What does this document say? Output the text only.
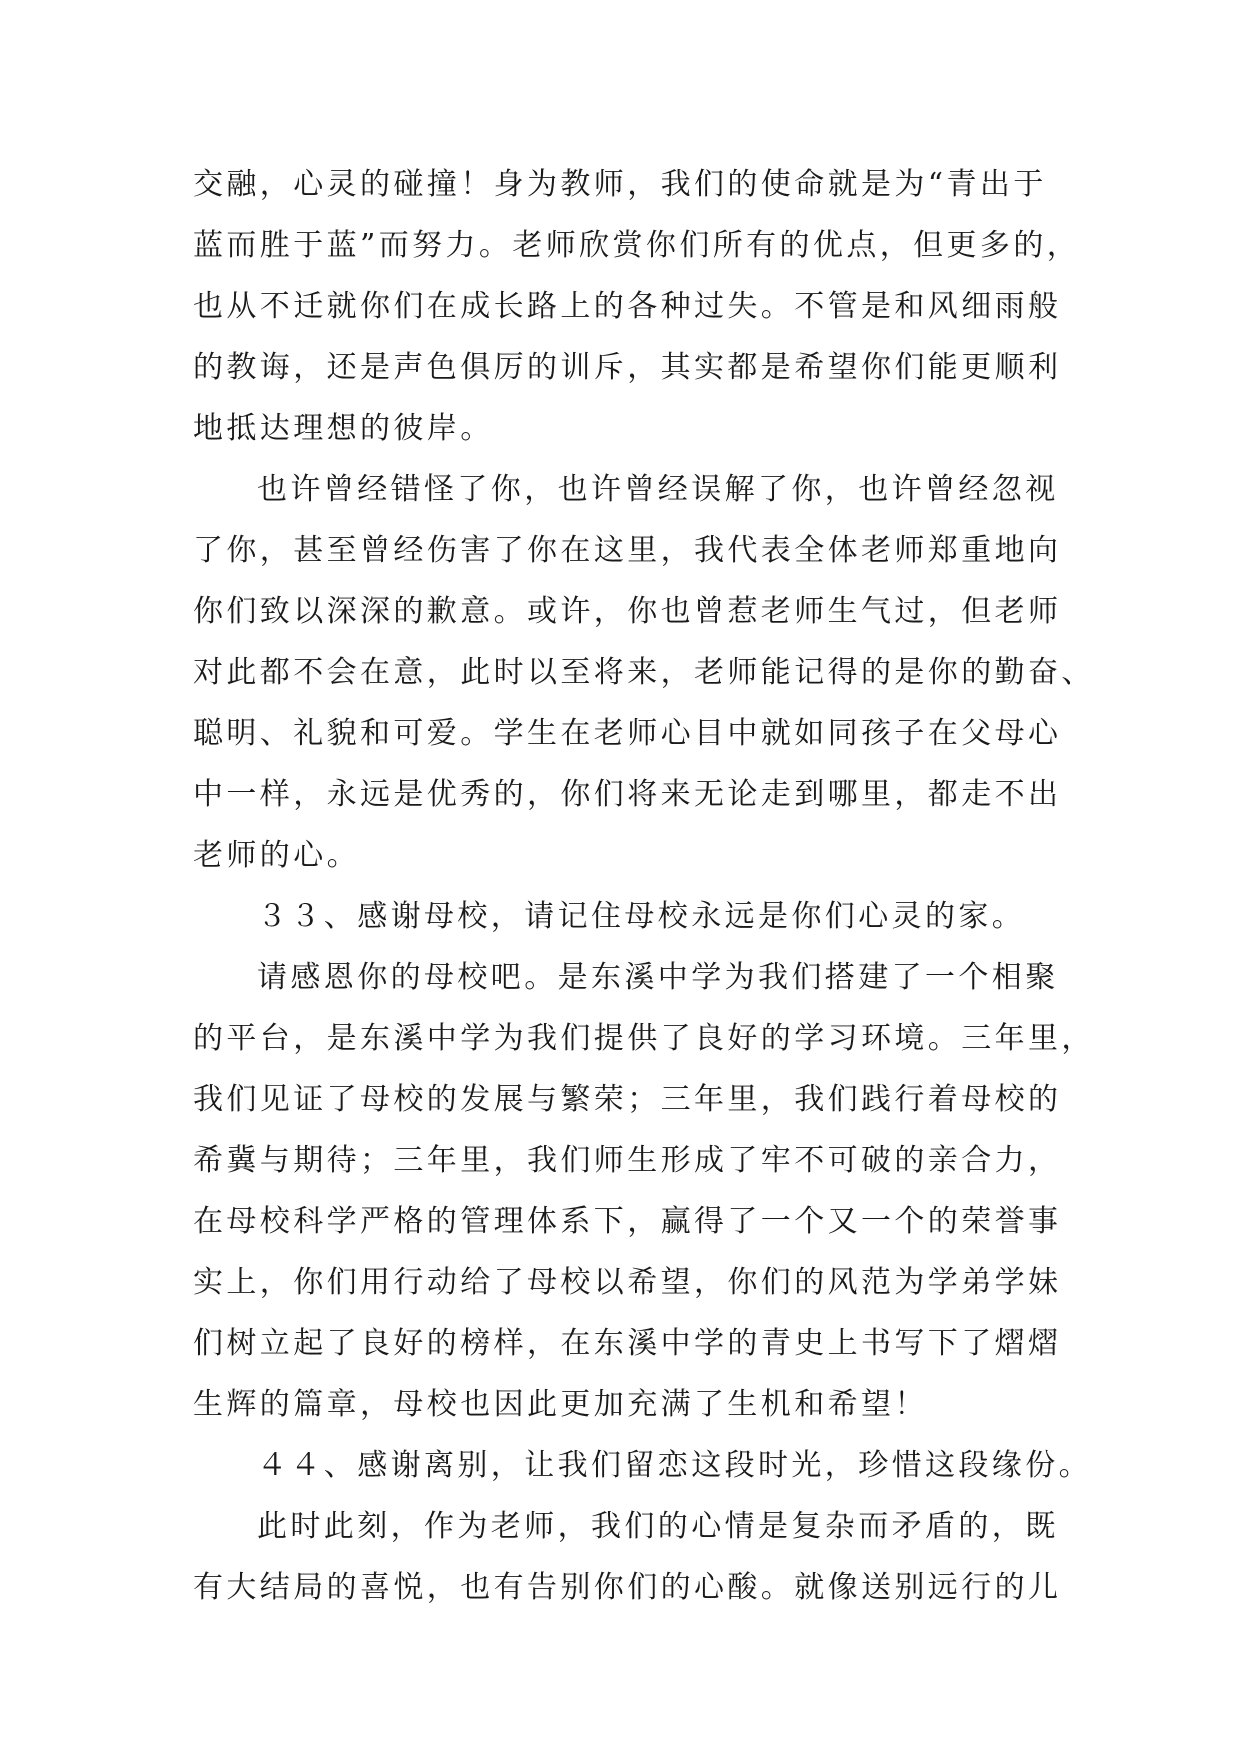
交融，心灵的碰撞！身为教师，我们的使命就是为“青出于
蓝而胜于蓝”而努力。老师欣赏你们所有的优点，但更多的，
也从不迁就你们在成长路上的各种过失。不管是和风细雨般
的教诲，还是声色俱厉的训斥，其实都是希望你们能更顺利
地抵达理想的彼岸。
也许曾经错怪了你，也许曾经误解了你，也许曾经忽视
了你，甚至曾经伤害了你在这里，我代表全体老师郑重地向
你们致以深深的歉意。或许，你也曾惹老师生气过，但老师
对此都不会在意，此时以至将来，老师能记得的是你的勤奋、
聪明、礼貌和可爱。学生在老师心目中就如同孩子在父母心
中一样，永远是优秀的，你们将来无论走到哪里，都走不出
老师的心。
３３、感谢母校，请记住母校永远是你们心灵的家。
请感恩你的母校吧。是东溪中学为我们搭建了一个相聚
的平台，是东溪中学为我们提供了良好的学习环境。三年里，
我们见证了母校的发展与繁荣；三年里，我们践行着母校的
希冀与期待；三年里，我们师生形成了牢不可破的亲合力，
在母校科学严格的管理体系下，赢得了一个又一个的荣誉事
实上，你们用行动给了母校以希望，你们的风范为学弟学妹
们树立起了良好的榜样，在东溪中学的青史上书写下了熠熠
生辉的篇章，母校也因此更加充满了生机和希望！
４４、感谢离别，让我们留恋这段时光，珍惜这段缘份。
此时此刻，作为老师，我们的心情是复杂而矛盾的，既
有大结局的喜悦，也有告别你们的心酸。就像送别远行的儿
